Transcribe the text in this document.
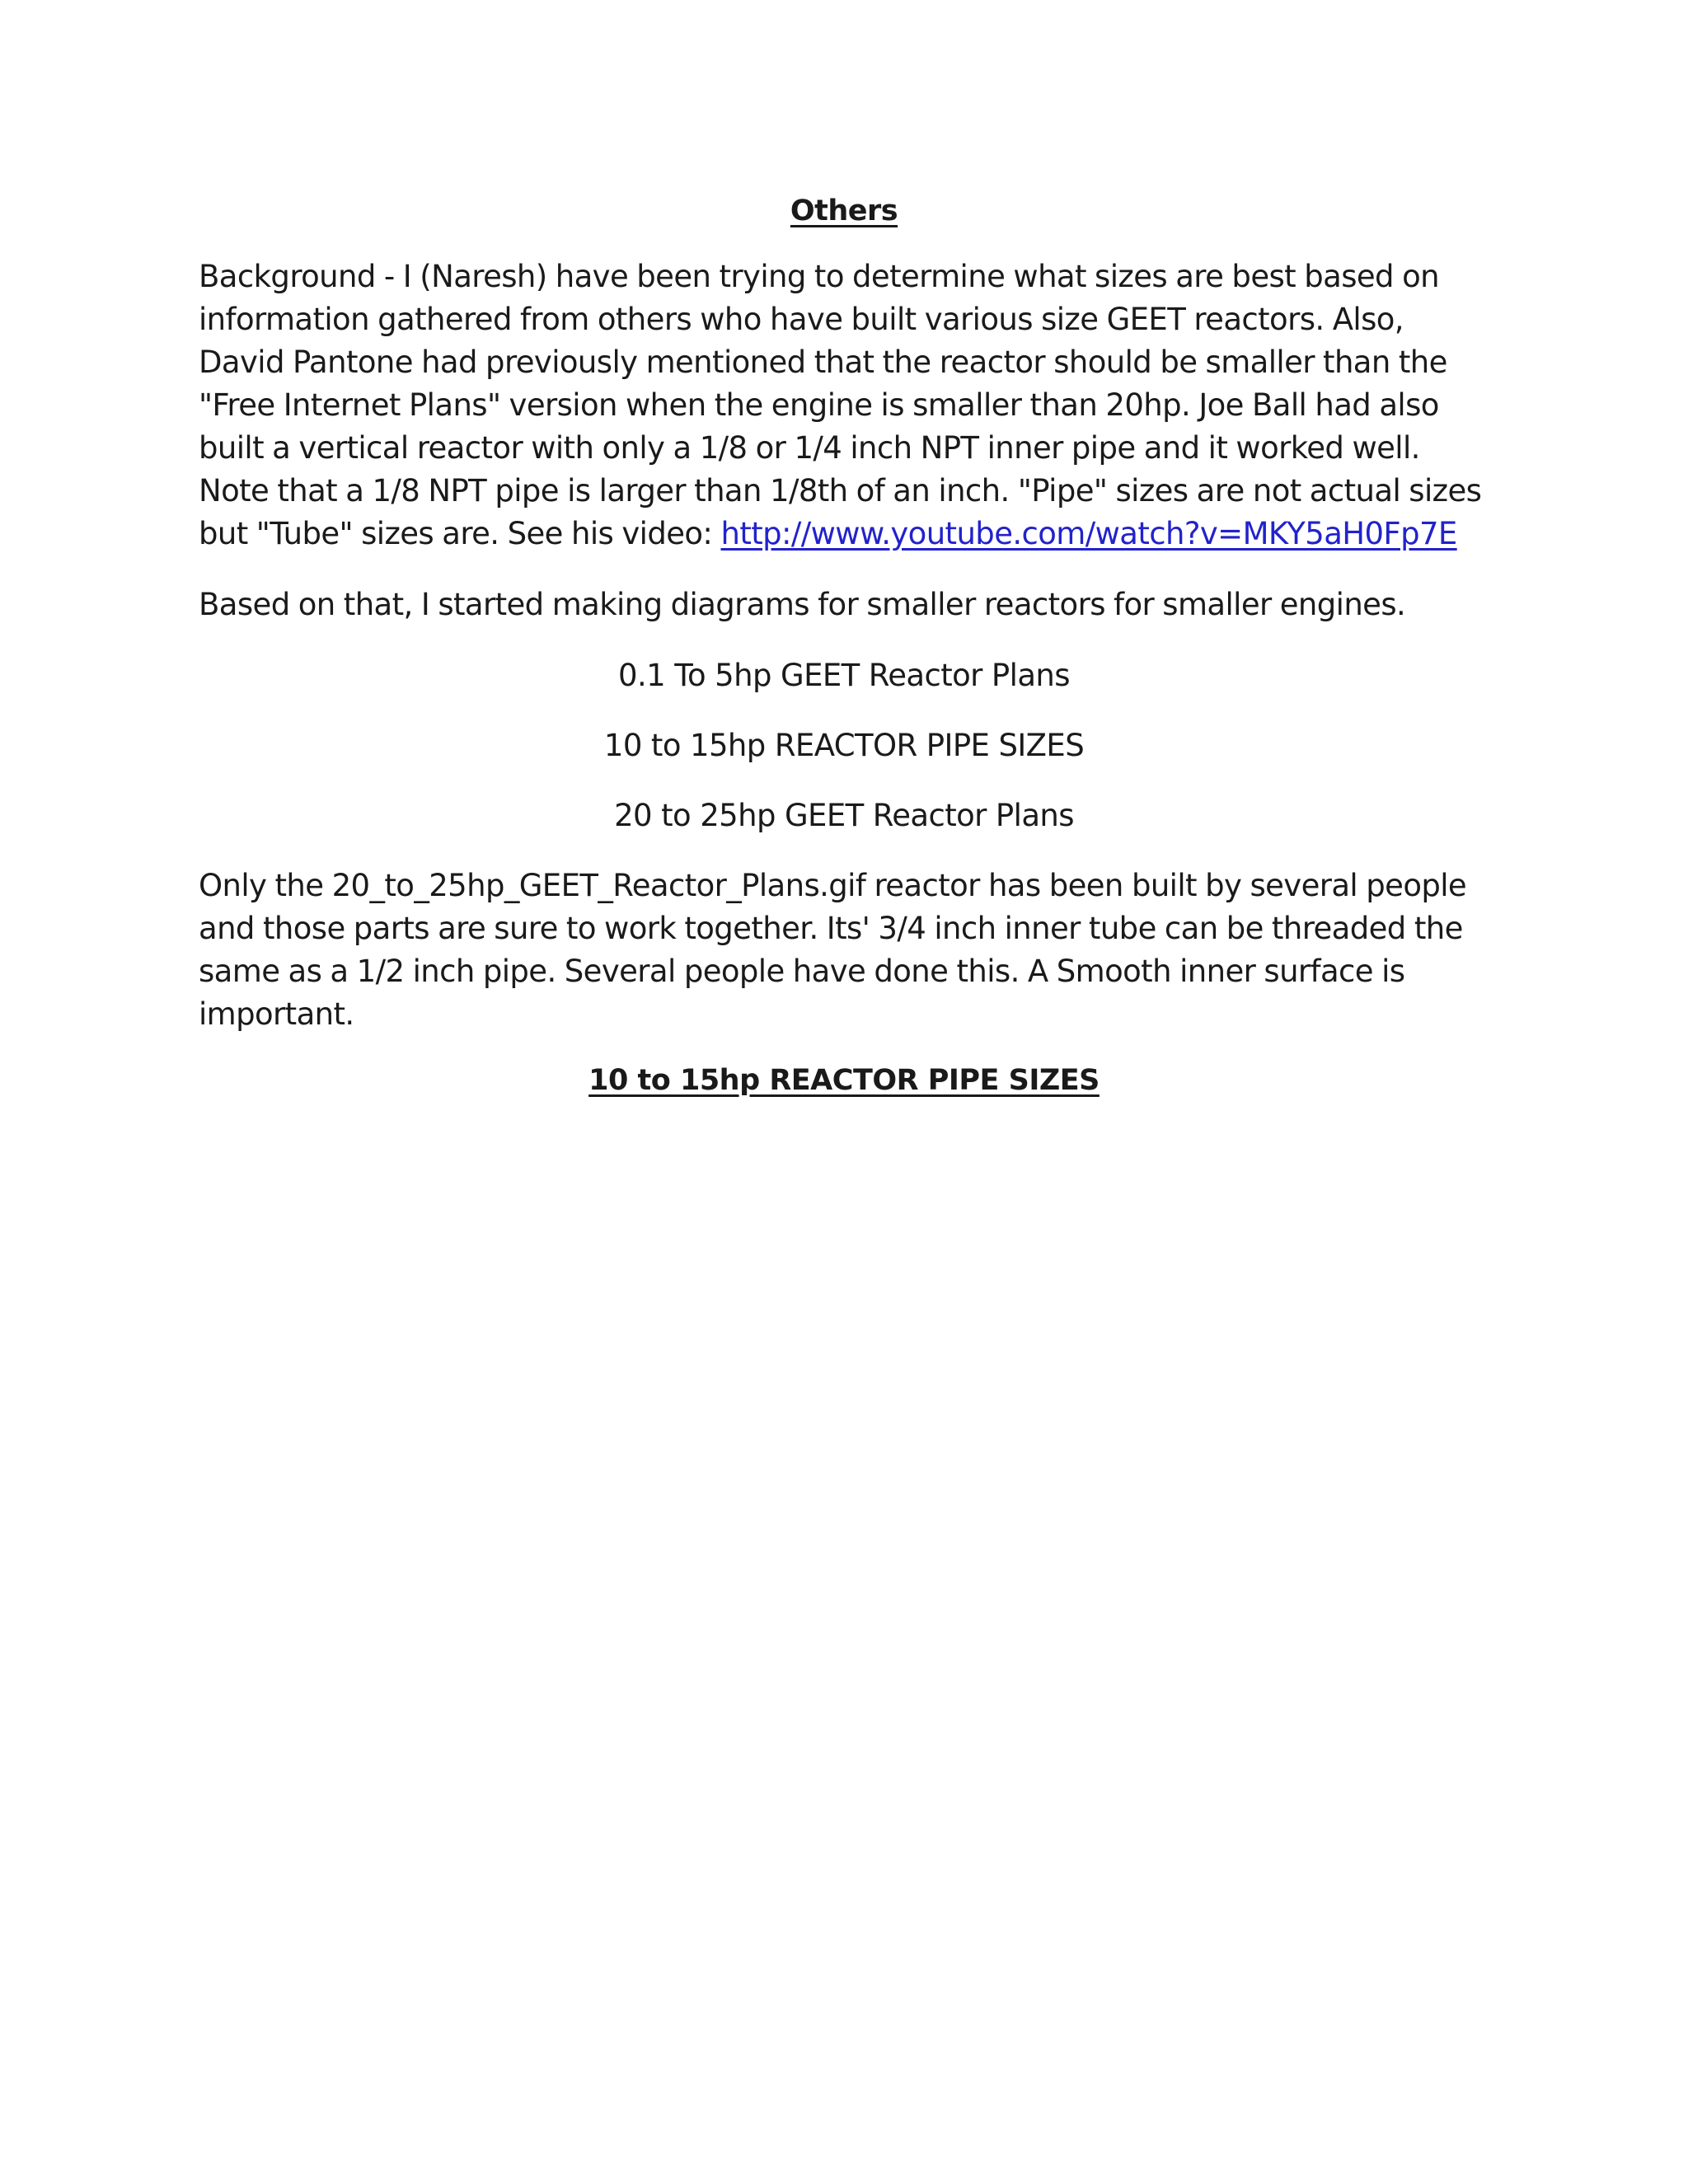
Others

Background - I (Naresh) have been trying to determine what sizes are best based on information gathered from others who have built various size GEET reactors. Also, David Pantone had previously mentioned that the reactor should be smaller than the "Free Internet Plans" version when the engine is smaller than 20hp. Joe Ball had also built a vertical reactor with only a 1/8 or 1/4 inch NPT inner pipe and it worked well. Note that a 1/8 NPT pipe is larger than 1/8th of an inch. "Pipe" sizes are not actual sizes but "Tube" sizes are. See his video: http://www.youtube.com/watch?v=MKY5aH0Fp7E

Based on that, I started making diagrams for smaller reactors for smaller engines.

0.1 To 5hp GEET Reactor Plans

10 to 15hp REACTOR PIPE SIZES

20 to 25hp GEET Reactor Plans

Only the 20_to_25hp_GEET_Reactor_Plans.gif reactor has been built by several people and those parts are sure to work together. Its' 3/4 inch inner tube can be threaded the same as a 1/2 inch pipe. Several people have done this. A Smooth inner surface is important.

10 to 15hp REACTOR PIPE SIZES
